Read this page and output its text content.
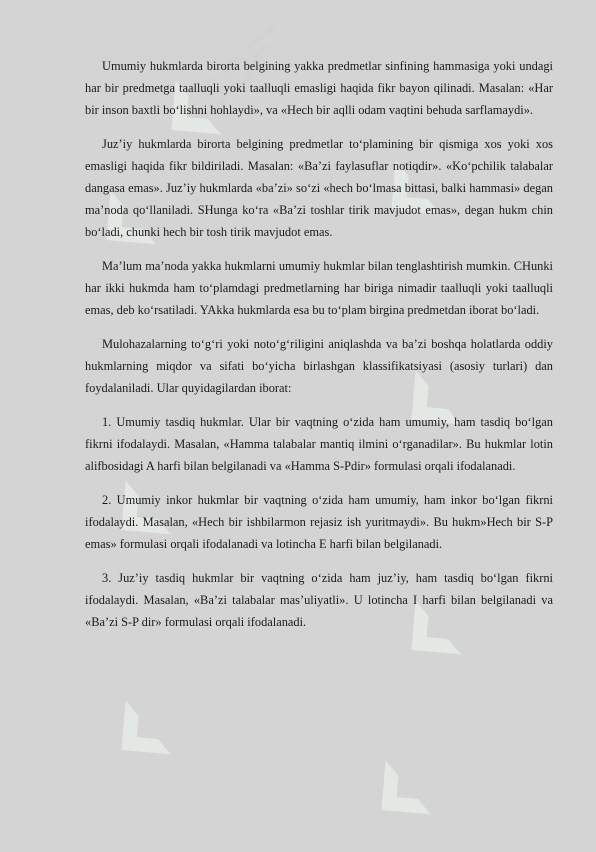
SOFT

Umumiy hukmlarda birorta belgining yakka predmetlar sinfining hammasiga yoki undagi har bir predmetga taalluqli yoki taalluqli emasligi haqida fikr bayon qilinadi. Masalan: «Har bir inson baxtli bo‘lishni hohlaydi», va «Hech bir aqlli odam vaqtini behuda sarflamaydi».

Juz’iy hukmlarda birorta belgining predmetlar to‘plamining bir qismiga xos yoki xos emasligi haqida fikr bildiriladi. Masalan: «Ba’zi faylasuflar notiqdir». «Ko‘pchilik talabalar dangasa emas». Juz’iy hukmlarda «ba’zi» so‘zi «hech bo‘lmasa bittasi, balki hammasi» degan ma’noda qo‘llaniladi. SHunga ko‘ra «Ba’zi toshlar tirik mavjudot emas», degan hukm chin bo‘ladi, chunki hech bir tosh tirik mavjudot emas.

Ma’lum ma’noda yakka hukmlarni umumiy hukmlar bilan tenglashtirish mumkin. CHunki har ikki hukmda ham to‘plamdagi predmetlarning har biriga nimadir taalluqli yoki taalluqli emas, deb ko‘rsatiladi. YAkka hukmlarda esa bu to‘plam birgina predmetdan iborat bo‘ladi.

Mulohazalarning to‘g‘ri yoki noto‘g‘riligini aniqlashda va ba’zi boshqa holatlarda oddiy hukmlarning miqdor va sifati bo‘yicha birlashgan klassifikatsiyasi (asosiy turlari) dan foydalaniladi. Ular quyidagilardan iborat:

1. Umumiy tasdiq hukmlar. Ular bir vaqtning o‘zida ham umumiy, ham tasdiq bo‘lgan fikrni ifodalaydi. Masalan, «Hamma talabalar mantiq ilmini o‘rganadilar». Bu hukmlar lotin alifbosidagi A harfi bilan belgilanadi va «Hamma S-Pdir» formulasi orqali ifodalanadi.

2. Umumiy inkor hukmlar bir vaqtning o‘zida ham umumiy, ham inkor bo‘lgan fikrni ifodalaydi. Masalan, «Hech bir ishbilarmon rejasiz ish yuritmaydi». Bu hukm»Hech bir S-P emas» formulasi orqali ifodalanadi va lotincha E harfi bilan belgilanadi.

3. Juz’iy tasdiq hukmlar bir vaqtning o‘zida ham juz’iy, ham tasdiq bo‘lgan fikrni ifodalaydi. Masalan, «Ba’zi talabalar mas’uliyatli». U lotincha I harfi bilan belgilanadi va «Ba’zi S-P dir» formulasi orqali ifodalanadi.
